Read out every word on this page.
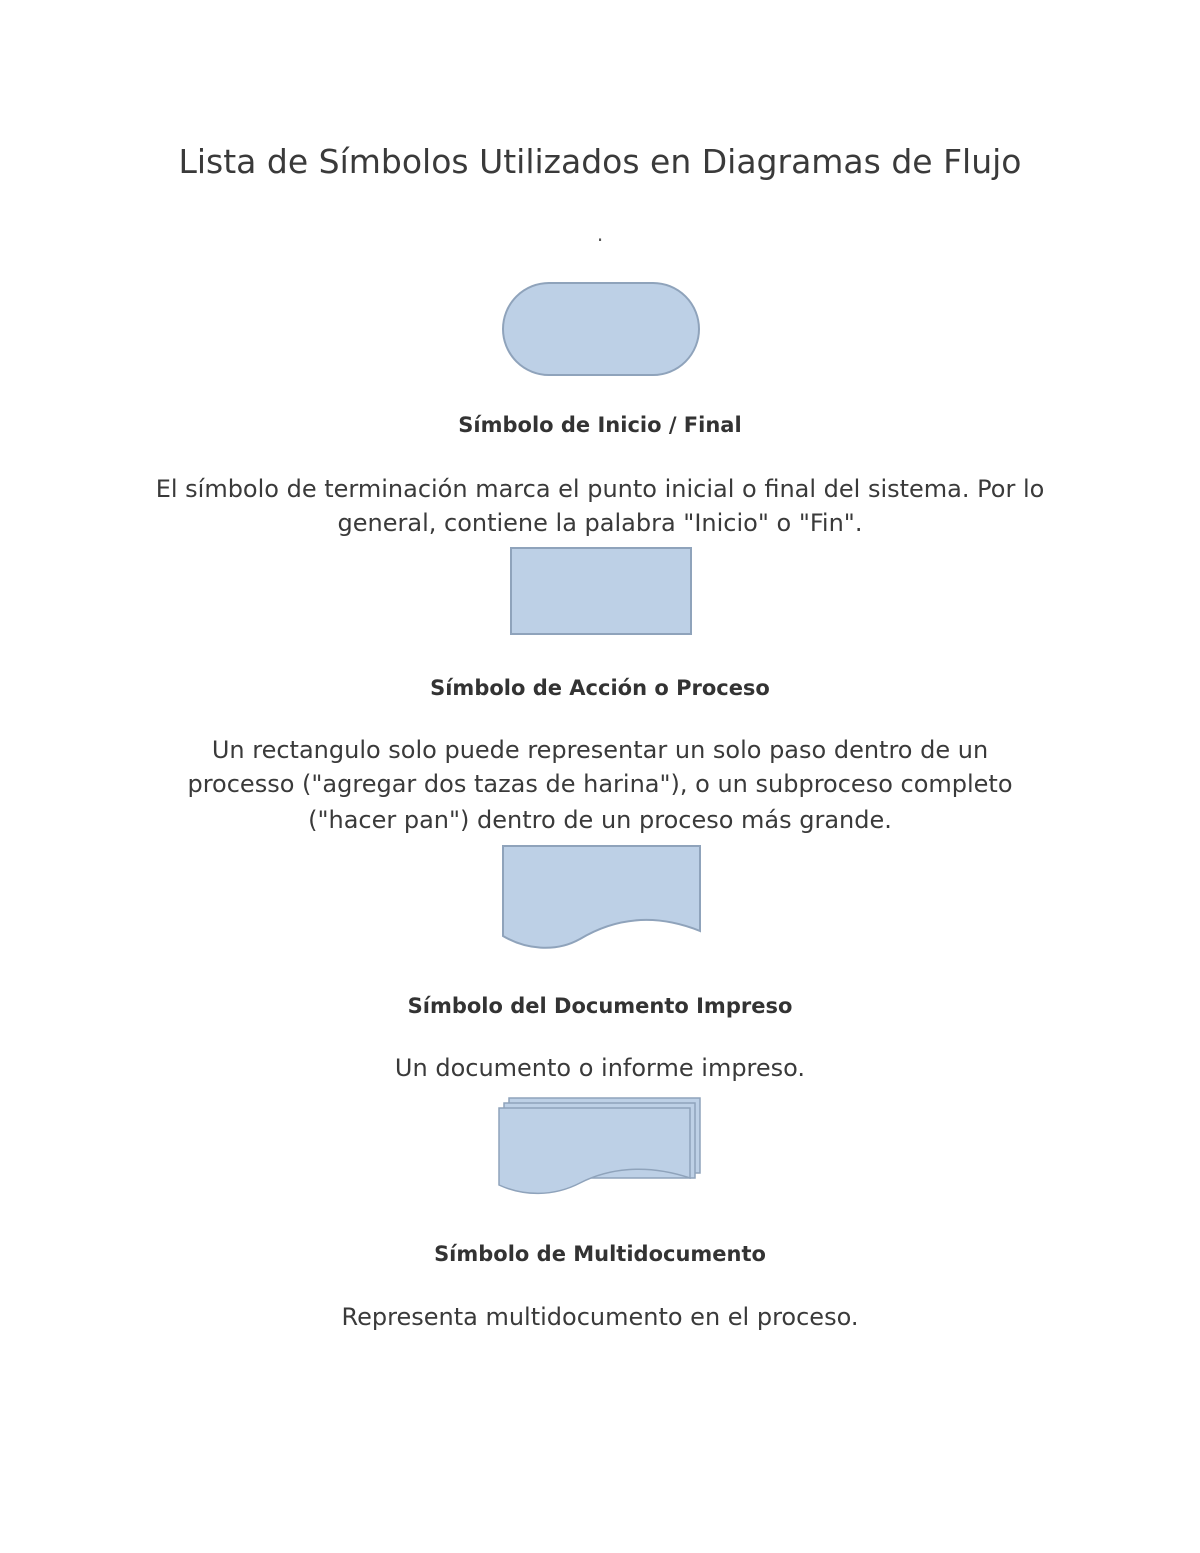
Lista de Símbolos Utilizados en Diagramas de Flujo
.
Símbolo de Inicio / Final
El símbolo de terminación marca el punto inicial o final del sistema. Por lo
general, contiene la palabra "Inicio" o "Fin".
Símbolo de Acción o Proceso
Un rectangulo solo puede representar un solo paso dentro de un
processo ("agregar dos tazas de harina"), o un subproceso completo
("hacer pan") dentro de un proceso más grande.
Símbolo del Documento Impreso
Un documento o informe impreso.
Símbolo de Multidocumento
Representa multidocumento en el proceso.
